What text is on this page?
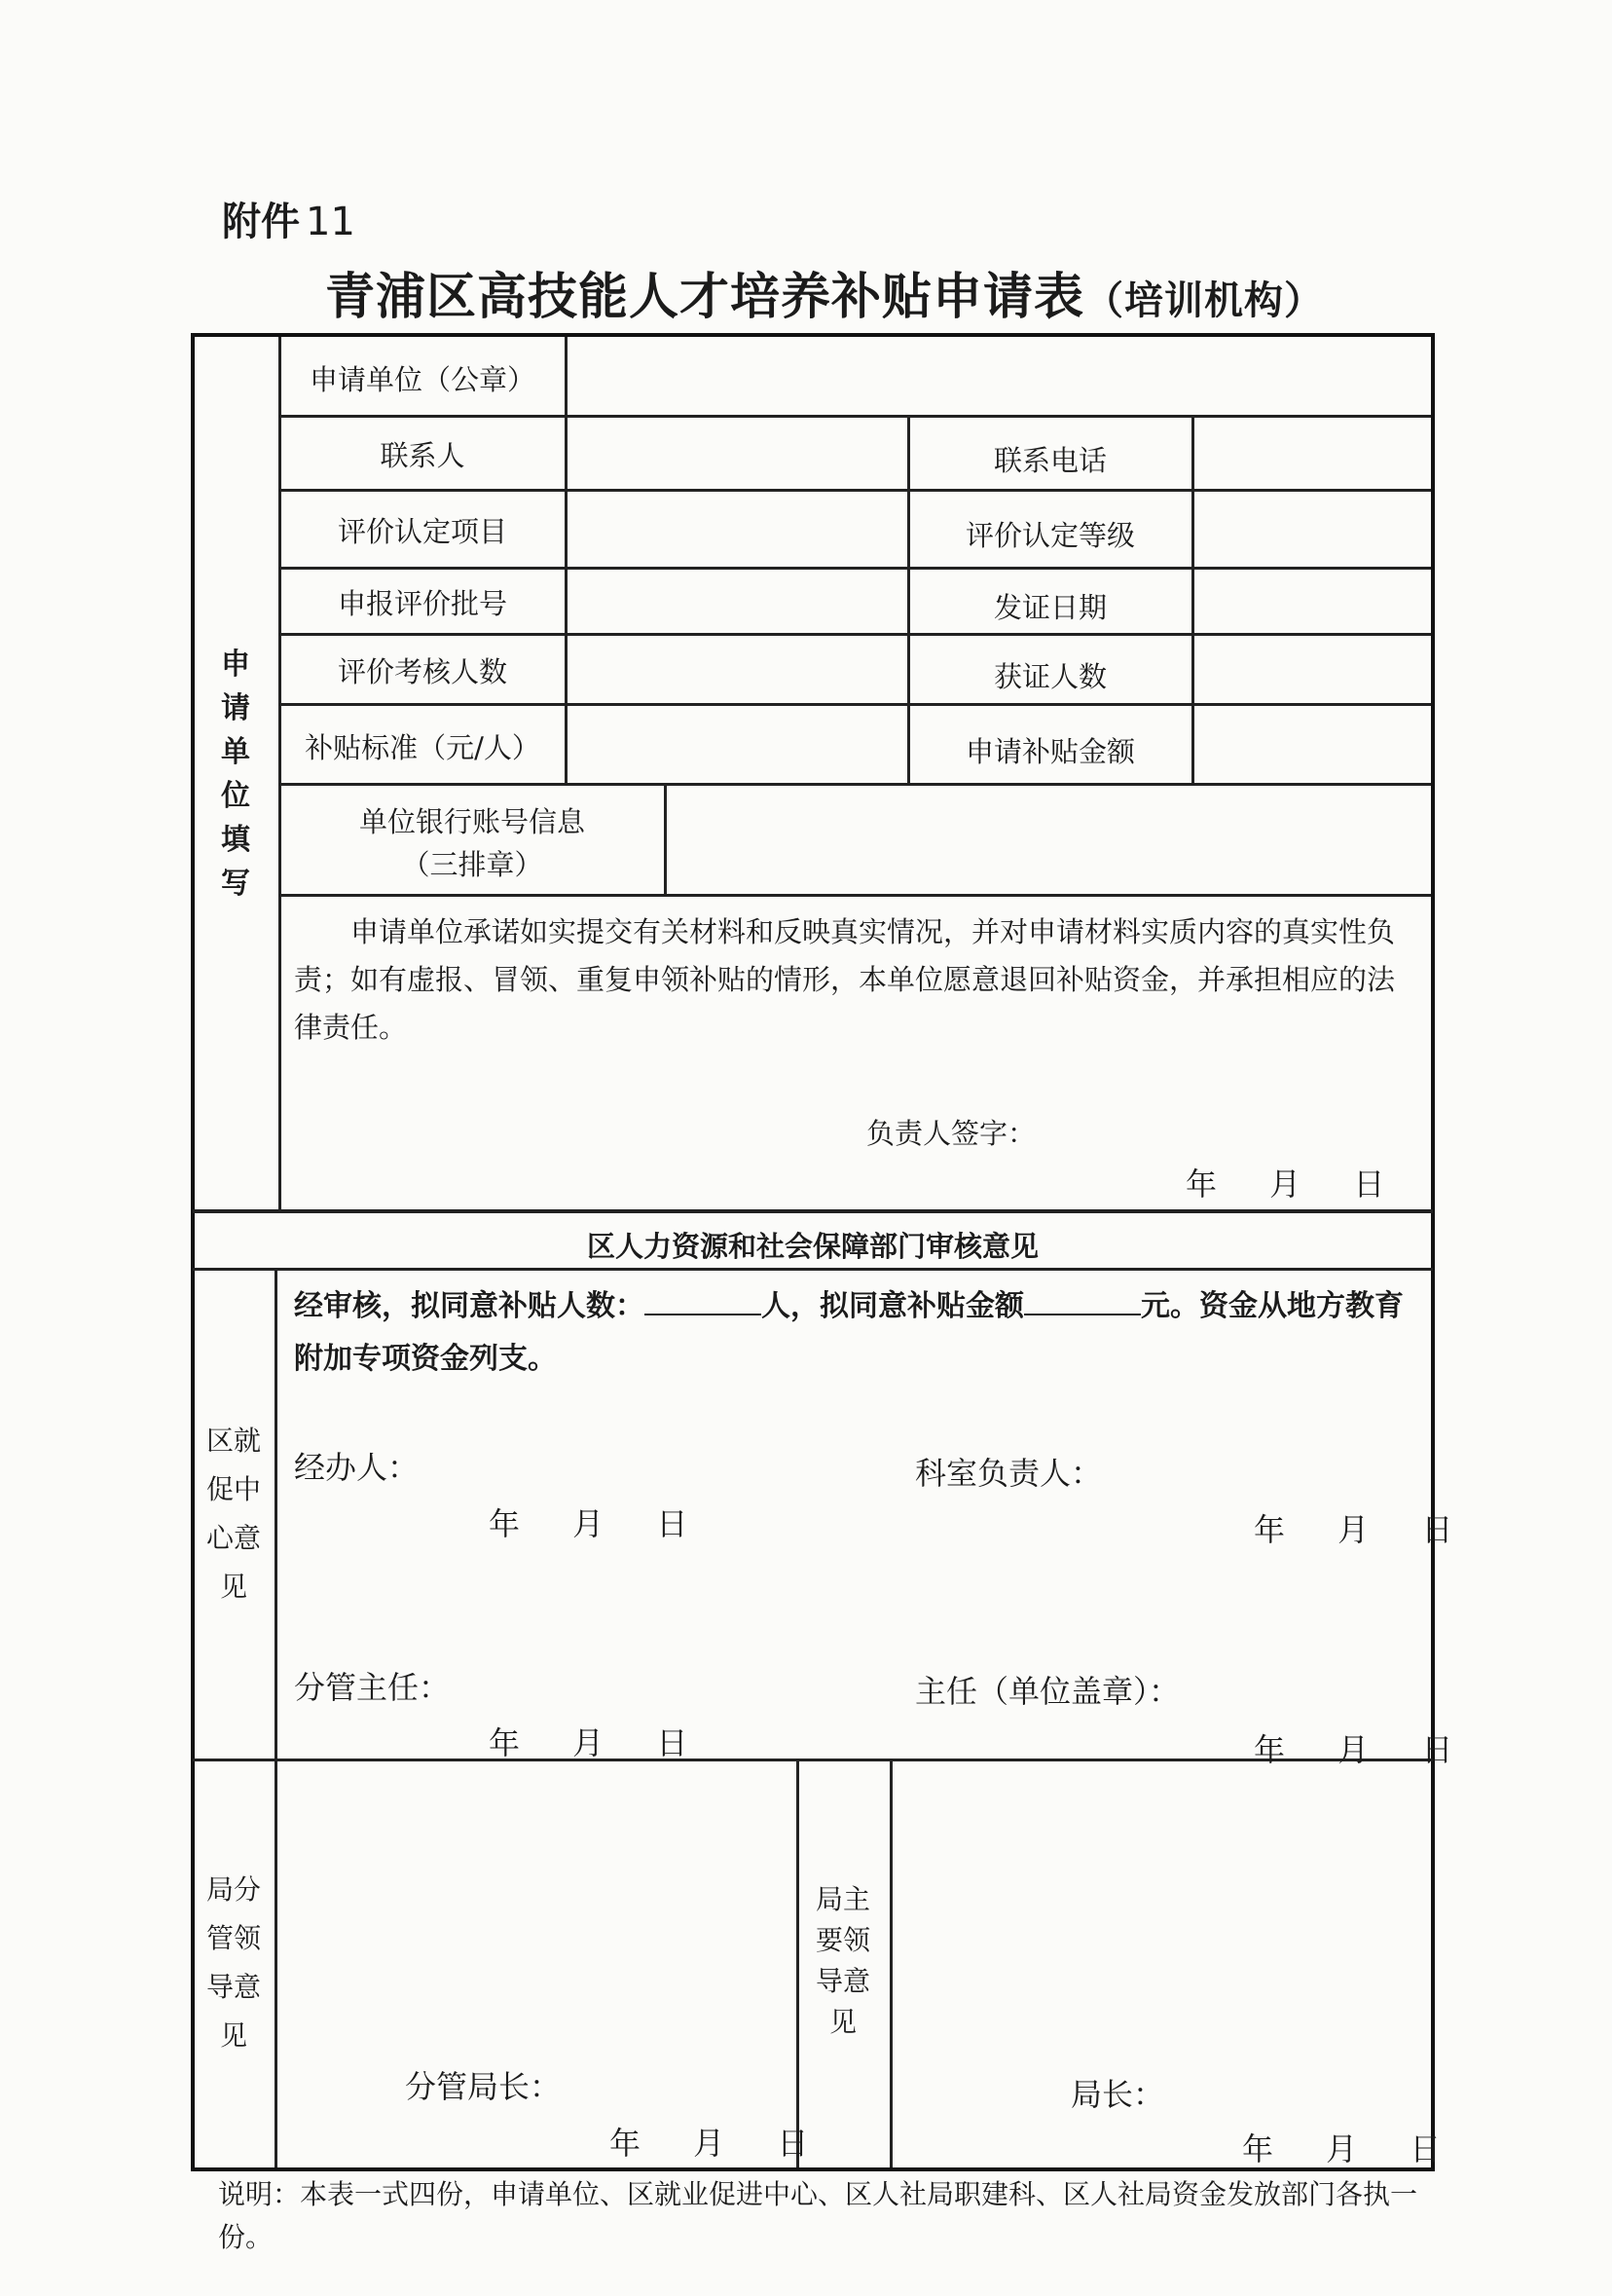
附件 11
青浦区高技能人才培养补贴申请表（培训机构）
申请单位填写
申请单位（公章）
联系人	联系电话
评价认定项目	评价认定等级
申报评价批号	发证日期
评价考核人数	获证人数
补贴标准（元/人）	申请补贴金额
单位银行账号信息
（三排章）
申请单位承诺如实提交有关材料和反映真实情况，并对申请材料实质内容的真实性负责；如有虚报、冒领、重复申领补贴的情形，本单位愿意退回补贴资金，并承担相应的法律责任。
负责人签字：
年 月 日
区人力资源和社会保障部门审核意见
区就促中心意见
经审核，拟同意补贴人数：	人，拟同意补贴金额	元。资金从地方教育附加专项资金列支。
经办人：	科室负责人：
年 月 日	年 月 日
分管主任：	主任（单位盖章）：
年 月 日	年 月 日
局分管领导意见
局主要领导意见
分管局长：	局长：
年 月 日	年 月 日
说明：本表一式四份，申请单位、区就业促进中心、区人社局职建科、区人社局资金发放部门各执一份。
